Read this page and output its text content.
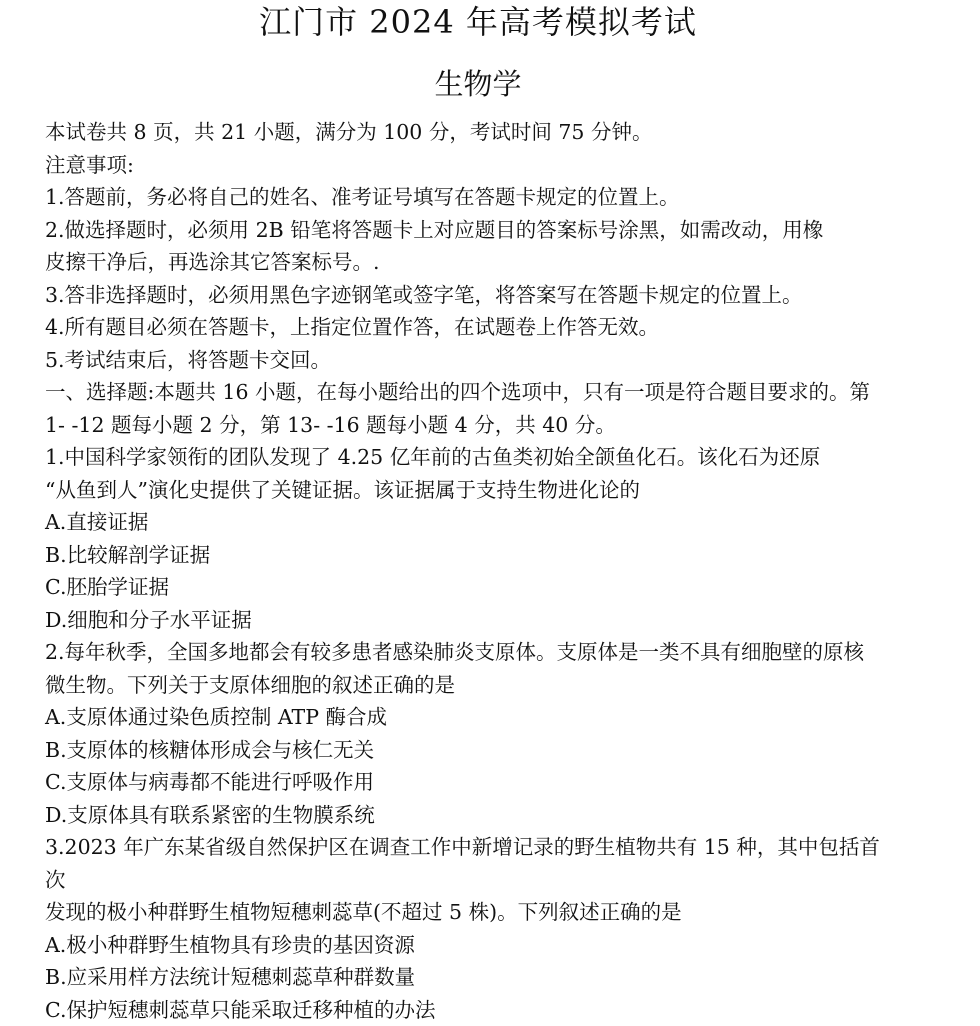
江门市 2024 年高考模拟考试
生物学

本试卷共 8 页，共 21 小题，满分为 100 分，考试时间 75 分钟。

注意事项:

1.答题前，务必将自己的姓名、准考证号填写在答题卡规定的位置上。

2.做选择题时，必须用 2B 铅笔将答题卡上对应题目的答案标号涂黑，如需改动，用橡

皮擦干净后，再选涂其它答案标号。.

3.答非选择题时，必须用黑色字迹钢笔或签字笔，将答案写在答题卡规定的位置上。

4.所有题目必须在答题卡，上指定位置作答，在试题卷上作答无效。

5.考试结束后，将答题卡交回。

一、选择题:本题共 16 小题，在每小题给出的四个选项中，只有一项是符合题目要求的。第

1- -12 题每小题 2 分，第 13- -16 题每小题 4 分，共 40 分。

1.中国科学家领衔的团队发现了 4.25 亿年前的古鱼类初始全颌鱼化石。该化石为还原

“从鱼到人”演化史提供了关键证据。该证据属于支持生物进化论的

A.直接证据

B.比较解剖学证据

C.胚胎学证据

D.细胞和分子水平证据

2.每年秋季，全国多地都会有较多患者感染肺炎支原体。支原体是一类不具有细胞壁的原核

微生物。下列关于支原体细胞的叙述正确的是

A.支原体通过染色质控制 ATP 酶合成

B.支原体的核糖体形成会与核仁无关

C.支原体与病毒都不能进行呼吸作用

D.支原体具有联系紧密的生物膜系统

3.2023 年广东某省级自然保护区在调查工作中新增记录的野生植物共有 15 种，其中包括首

次

发现的极小种群野生植物短穗刺蕊草(不超过 5 株)。下列叙述正确的是

A.极小种群野生植物具有珍贵的基因资源

B.应采用样方法统计短穗刺蕊草种群数量

C.保护短穗刺蕊草只能采取迁移种植的办法
